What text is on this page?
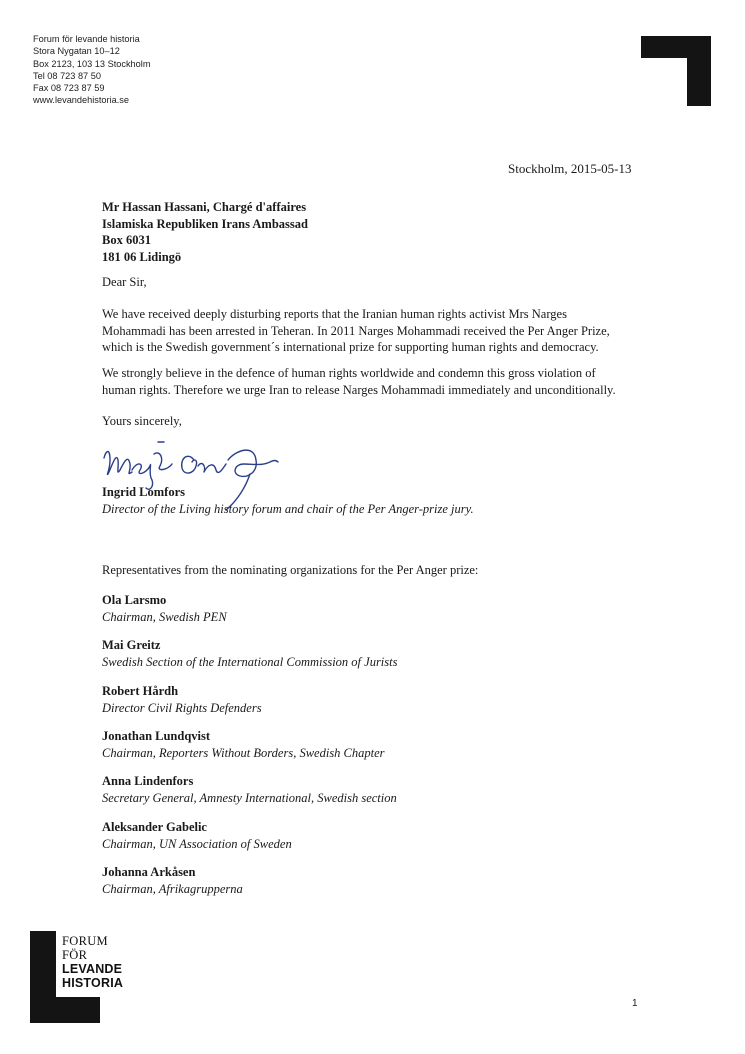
Forum för levande historia
Stora Nygatan 10–12
Box 2123, 103 13 Stockholm
Tel 08 723 87 50
Fax 08 723 87 59
www.levandehistoria.se
Stockholm, 2015-05-13
Mr Hassan Hassani, Chargé d'affaires
Islamiska Republiken Irans Ambassad
Box 6031
181 06 Lidingö
Dear Sir,
We have received deeply disturbing reports that the Iranian human rights activist Mrs Narges
Mohammadi has been arrested in Teheran. In 2011 Narges Mohammadi received the Per Anger Prize,
which is the Swedish government´s international prize for supporting human rights and democracy.
We strongly believe in the defence of human rights worldwide and condemn this gross violation of
human rights. Therefore we urge Iran to release Narges Mohammadi immediately and unconditionally.
Yours sincerely,
Ingrid Lomfors
Director of the Living history forum and chair of the Per Anger-prize jury.
Representatives from the nominating organizations for the Per Anger prize:
Ola Larsmo
Chairman, Swedish PEN
Mai Greitz
Swedish Section of the International Commission of Jurists
Robert Hårdh
Director Civil Rights Defenders
Jonathan Lundqvist
Chairman, Reporters Without Borders, Swedish Chapter
Anna Lindenfors
Secretary General, Amnesty International, Swedish section
Aleksander Gabelic
Chairman, UN Association of Sweden
Johanna Arkåsen
Chairman, Afrikagrupperna
FORUM
FÖR
LEVANDE
HISTORIA
1
